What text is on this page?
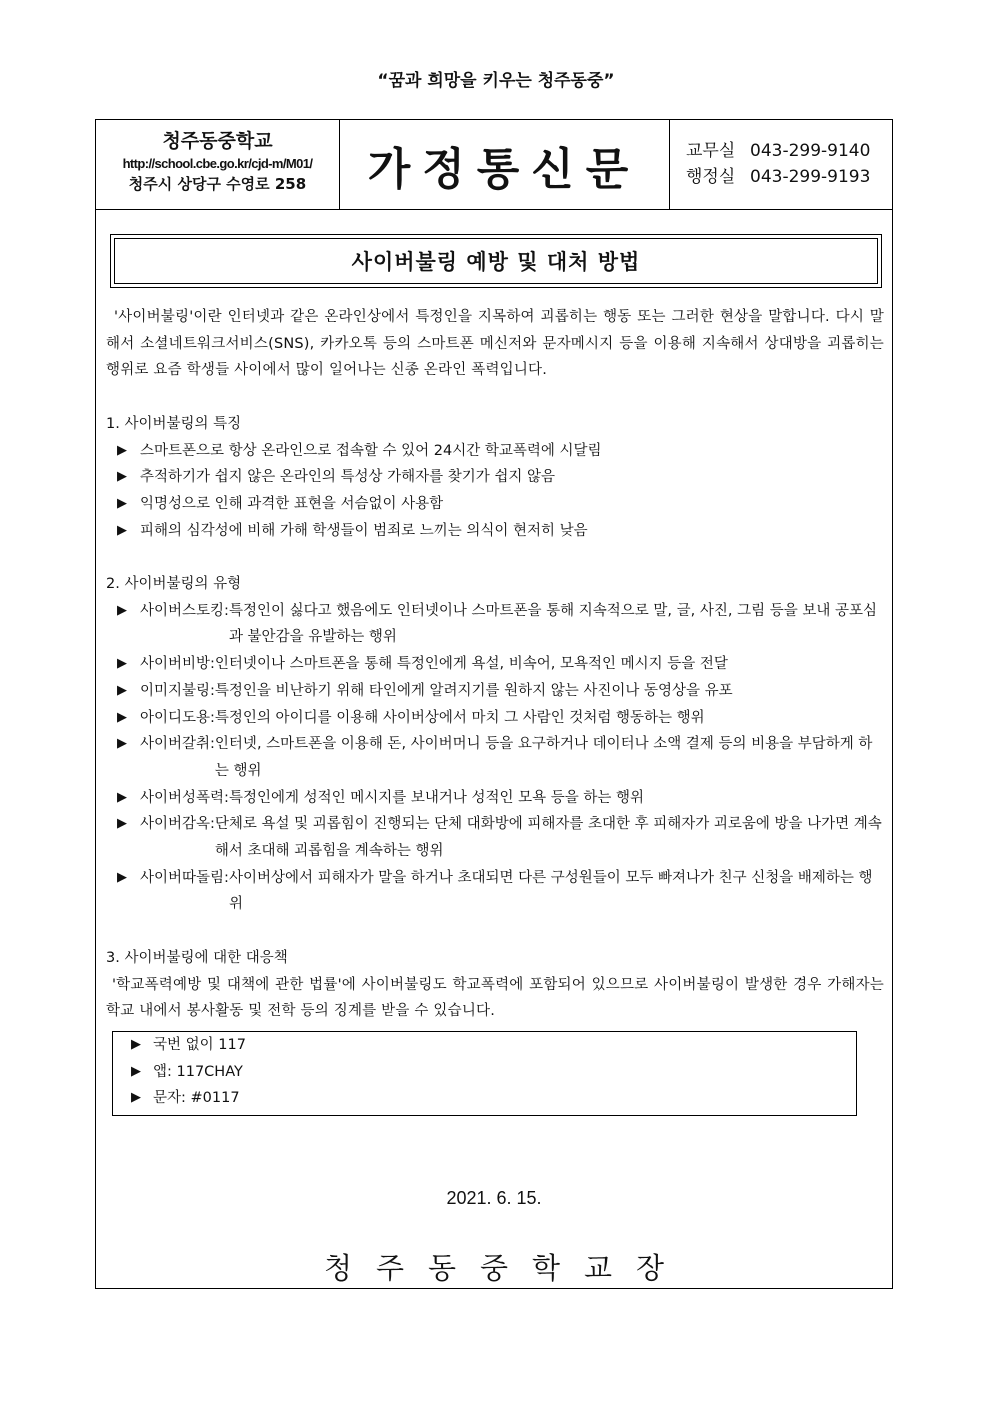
“꿈과 희망을 키우는 청주동중”
청주동중학교
http://school.cbe.go.kr/cjd-m/M01/
청주시 상당구 수영로 258	가정통신문	교무실 043-299-9140
행정실 043-299-9193
사이버불링 예방 및 대처 방법
'사이버불링'이란 인터넷과 같은 온라인상에서 특정인을 지목하여 괴롭히는 행동 또는 그러한 현상을 말합니다. 다시 말해서 소셜네트워크서비스(SNS), 카카오톡 등의 스마트폰 메신저와 문자메시지 등을 이용해 지속해서 상대방을 괴롭히는 행위로 요즘 학생들 사이에서 많이 일어나는 신종 온라인 폭력입니다.
1. 사이버불링의 특징
▶ 스마트폰으로 항상 온라인으로 접속할 수 있어 24시간 학교폭력에 시달림
▶ 추적하기가 쉽지 않은 온라인의 특성상 가해자를 찾기가 쉽지 않음
▶ 익명성으로 인해 과격한 표현을 서슴없이 사용함
▶ 피해의 심각성에 비해 가해 학생들이 범죄로 느끼는 의식이 현저히 낮음
2. 사이버불링의 유형
▶ 사이버스토킹: 특정인이 싫다고 했음에도 인터넷이나 스마트폰을 통해 지속적으로 말, 글, 사진, 그림 등을 보내 공포심과 불안감을 유발하는 행위
▶ 사이버비방: 인터넷이나 스마트폰을 통해 특정인에게 욕설, 비속어, 모욕적인 메시지 등을 전달
▶ 이미지불링: 특정인을 비난하기 위해 타인에게 알려지기를 원하지 않는 사진이나 동영상을 유포
▶ 아이디도용: 특정인의 아이디를 이용해 사이버상에서 마치 그 사람인 것처럼 행동하는 행위
▶ 사이버갈취: 인터넷, 스마트폰을 이용해 돈, 사이버머니 등을 요구하거나 데이터나 소액 결제 등의 비용을 부담하게 하는 행위
▶ 사이버성폭력: 특정인에게 성적인 메시지를 보내거나 성적인 모욕 등을 하는 행위
▶ 사이버감옥: 단체로 욕설 및 괴롭힘이 진행되는 단체 대화방에 피해자를 초대한 후 피해자가 괴로움에 방을 나가면 계속해서 초대해 괴롭힘을 계속하는 행위
▶ 사이버따돌림: 사이버상에서 피해자가 말을 하거나 초대되면 다른 구성원들이 모두 빠져나가 친구 신청을 배제하는 행위
3. 사이버불링에 대한 대응책
'학교폭력예방 및 대책에 관한 법률'에 사이버불링도 학교폭력에 포함되어 있으므로 사이버불링이 발생한 경우 가해자는 학교 내에서 봉사활동 및 전학 등의 징계를 받을 수 있습니다.
▶ 국번 없이 117
▶ 앱: 117CHAY
▶ 문자: #0117
2021. 6. 15.
청주동중학교장
